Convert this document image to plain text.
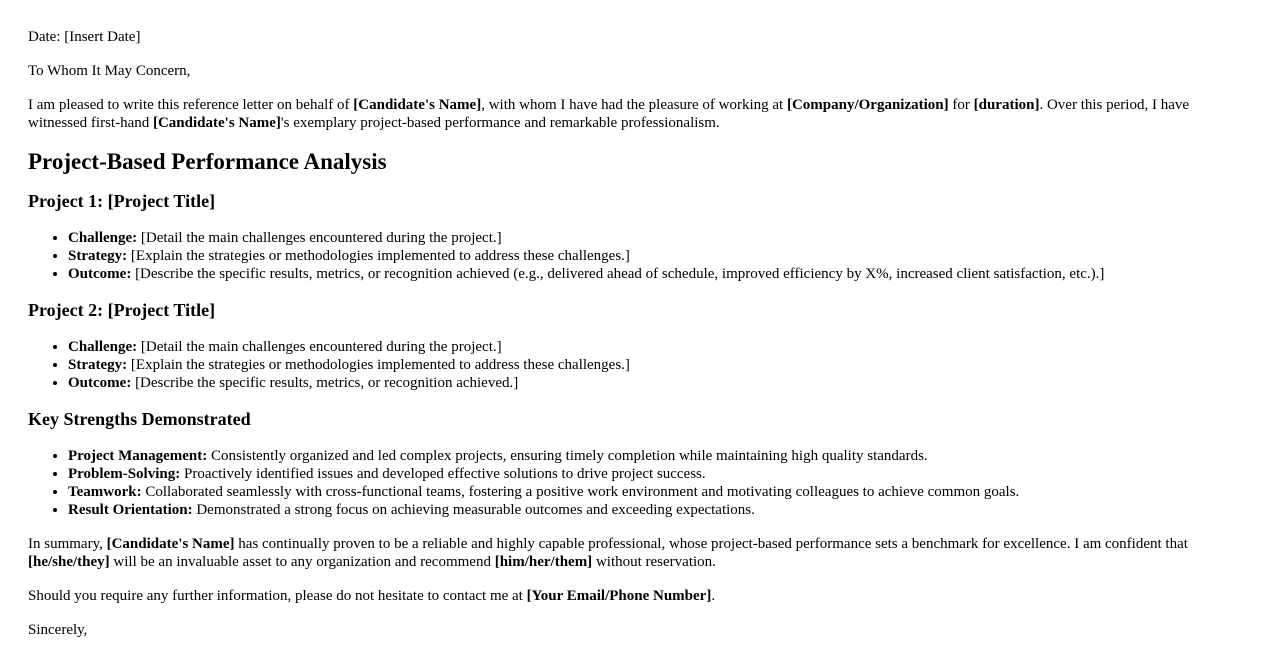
Date: [Insert Date]

To Whom It May Concern,

I am pleased to write this reference letter on behalf of [Candidate's Name], with whom I have had the pleasure of working at [Company/Organization] for [duration]. Over this period, I have witnessed first-hand [Candidate's Name]'s exemplary project-based performance and remarkable professionalism.

Project-Based Performance Analysis
Project 1: [Project Title]
• Challenge: [Detail the main challenges encountered during the project.]
• Strategy: [Explain the strategies or methodologies implemented to address these challenges.]
• Outcome: [Describe the specific results, metrics, or recognition achieved (e.g., delivered ahead of schedule, improved efficiency by X%, increased client satisfaction, etc.).]
Project 2: [Project Title]
• Challenge: [Detail the main challenges encountered during the project.]
• Strategy: [Explain the strategies or methodologies implemented to address these challenges.]
• Outcome: [Describe the specific results, metrics, or recognition achieved.]
Key Strengths Demonstrated
• Project Management: Consistently organized and led complex projects, ensuring timely completion while maintaining high quality standards.
• Problem-Solving: Proactively identified issues and developed effective solutions to drive project success.
• Teamwork: Collaborated seamlessly with cross-functional teams, fostering a positive work environment and motivating colleagues to achieve common goals.
• Result Orientation: Demonstrated a strong focus on achieving measurable outcomes and exceeding expectations.

In summary, [Candidate's Name] has continually proven to be a reliable and highly capable professional, whose project-based performance sets a benchmark for excellence. I am confident that [he/she/they] will be an invaluable asset to any organization and recommend [him/her/them] without reservation.

Should you require any further information, please do not hesitate to contact me at [Your Email/Phone Number].

Sincerely,
